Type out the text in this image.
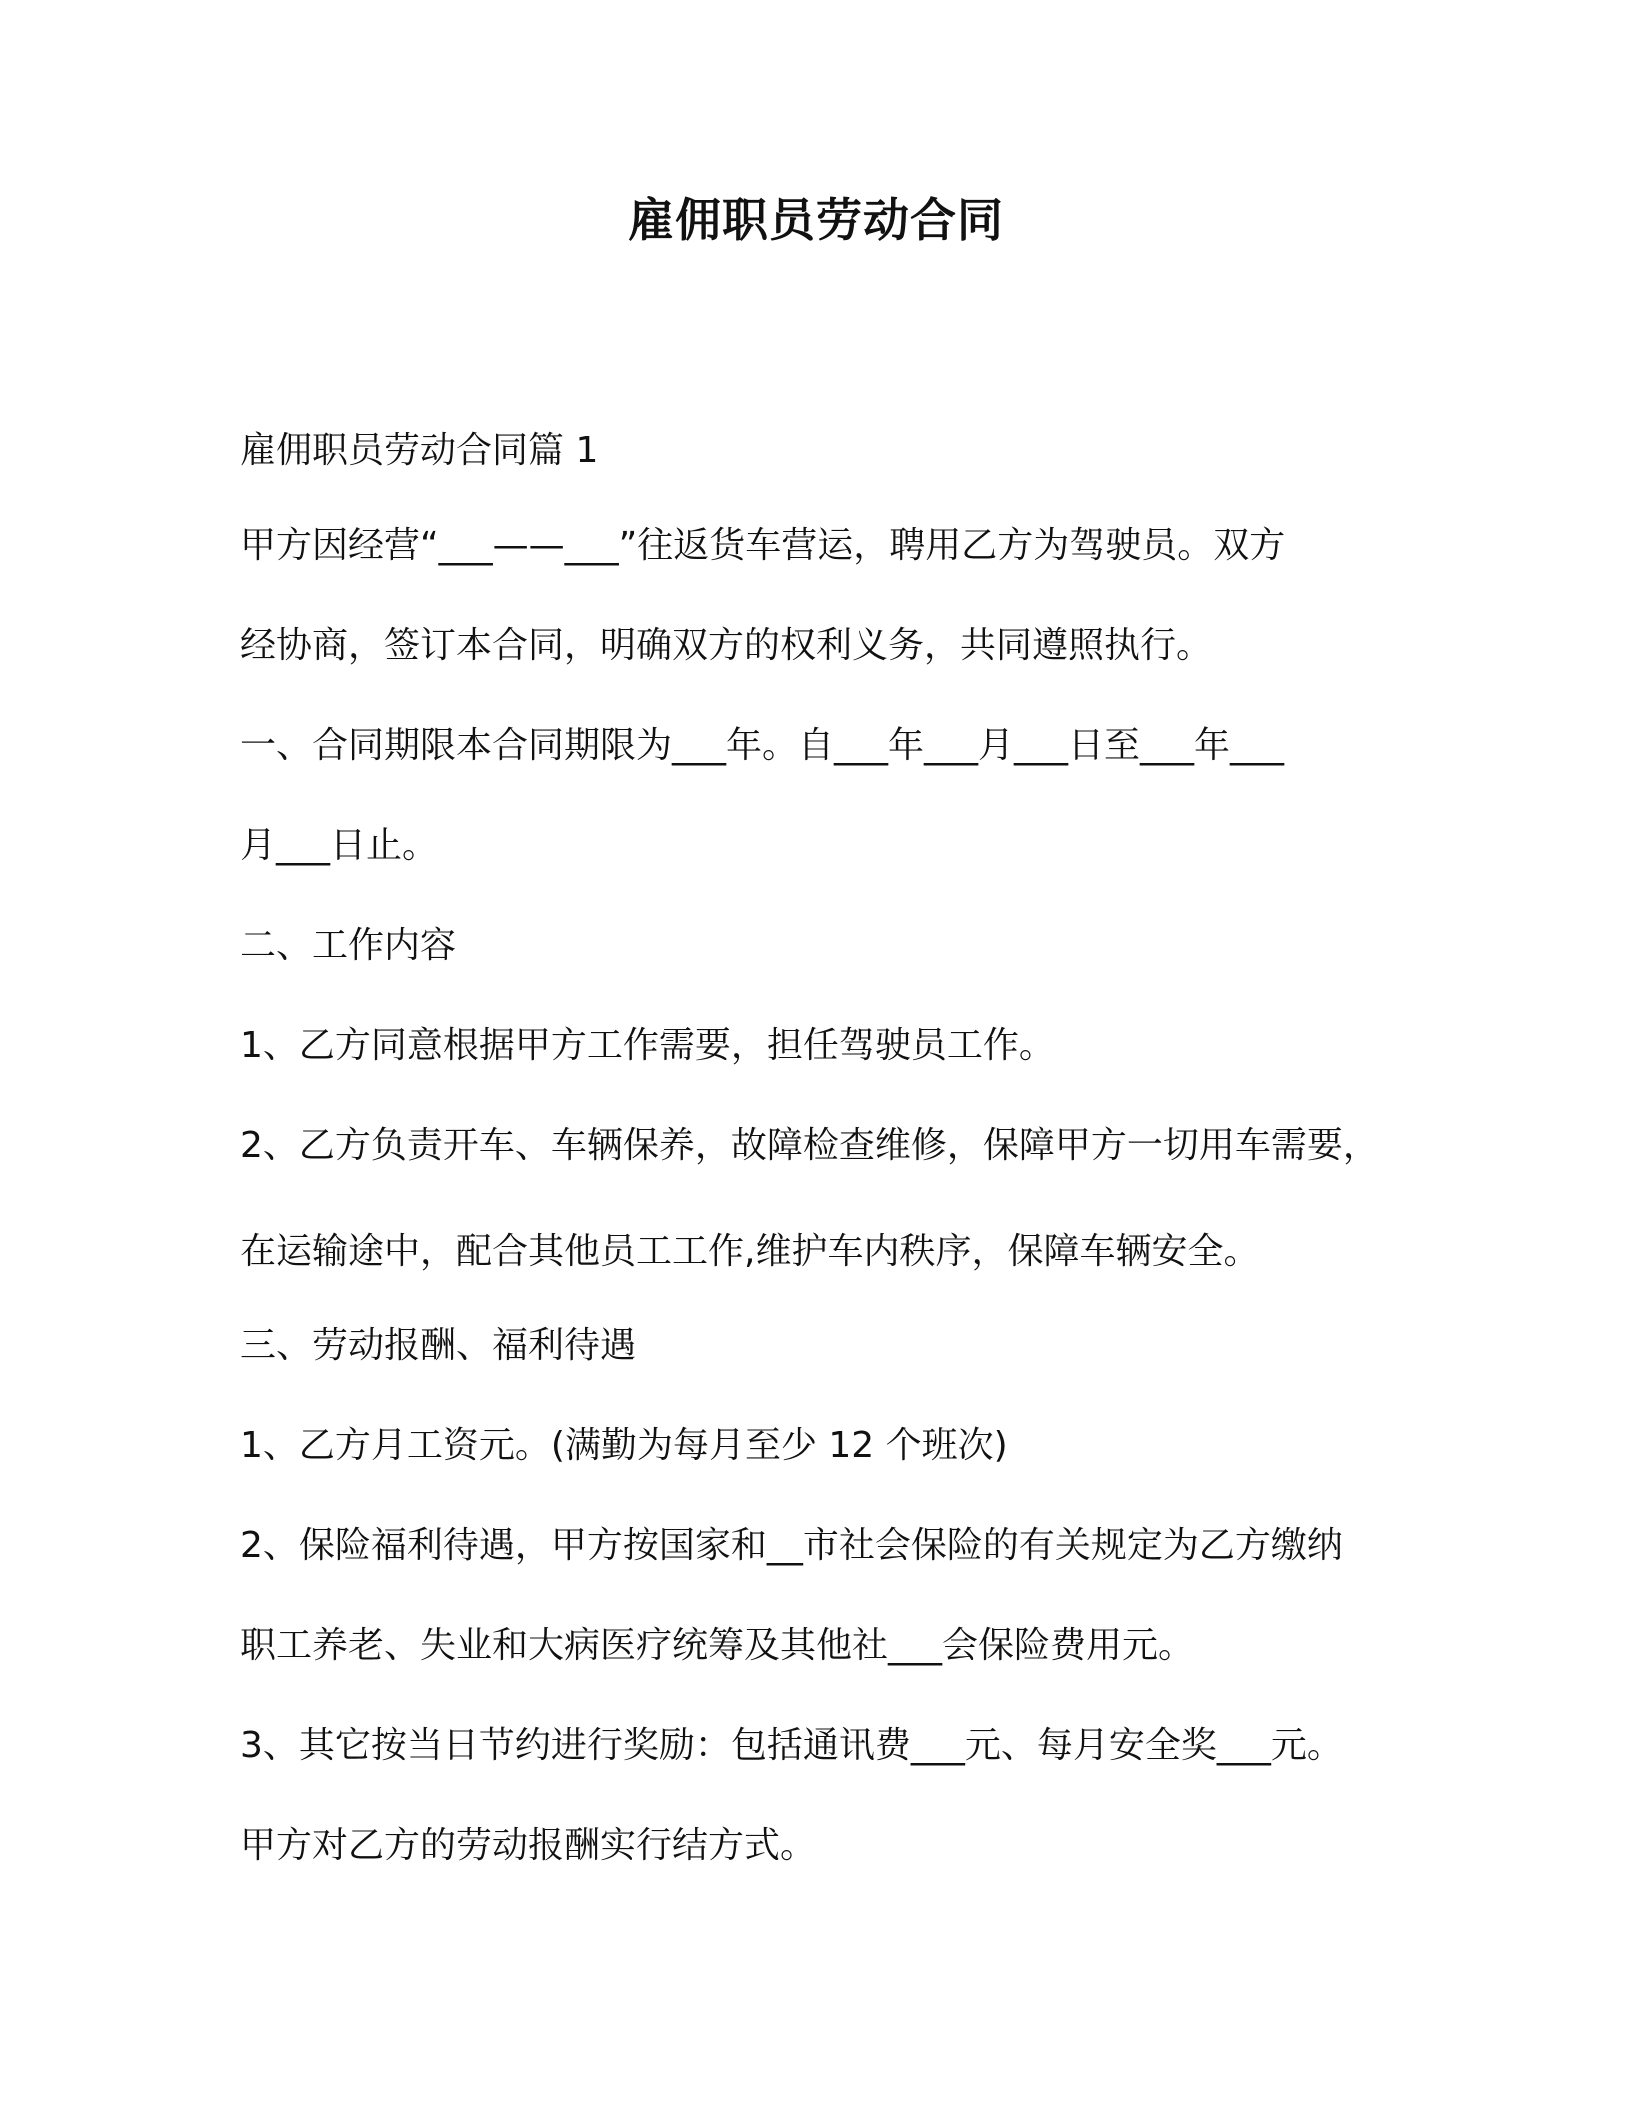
雇佣职员劳动合同
雇佣职员劳动合同篇 1
甲方因经营“___——___”往返货车营运，聘用乙方为驾驶员。双方
经协商，签订本合同，明确双方的权利义务，共同遵照执行。
一、合同期限本合同期限为___年。自___年___月___日至___年___
月___日止。
二、工作内容
1、乙方同意根据甲方工作需要，担任驾驶员工作。
2、乙方负责开车、车辆保养，故障检查维修，保障甲方一切用车需要，
在运输途中，配合其他员工工作,维护车内秩序，保障车辆安全。
三、劳动报酬、福利待遇
1、乙方月工资元。(满勤为每月至少 12 个班次)
2、保险福利待遇，甲方按国家和__市社会保险的有关规定为乙方缴纳
职工养老、失业和大病医疗统筹及其他社___会保险费用元。
3、其它按当日节约进行奖励：包括通讯费___元、每月安全奖___元。
甲方对乙方的劳动报酬实行结方式。
